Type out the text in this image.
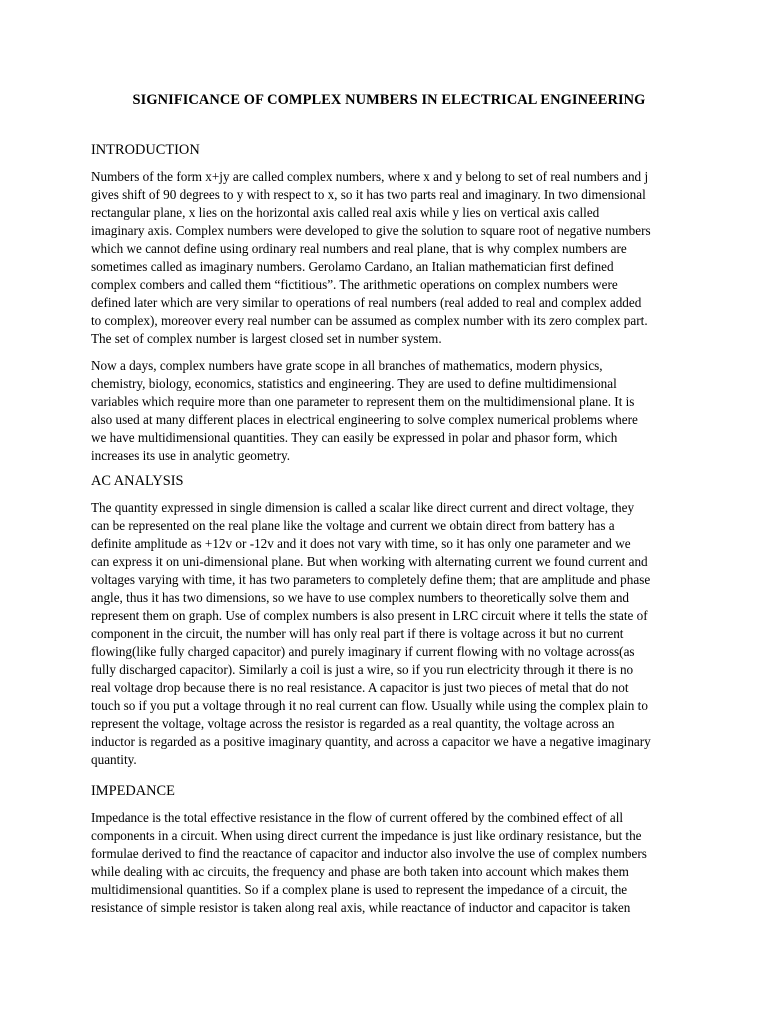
SIGNIFICANCE OF COMPLEX NUMBERS IN ELECTRICAL ENGINEERING
INTRODUCTION

Numbers of the form x+jy are called complex numbers, where x and y belong to set of real numbers and j
gives shift of 90 degrees to y with respect to x, so it has two parts real and imaginary. In two dimensional
rectangular plane, x lies on the horizontal axis called real axis while y lies on vertical axis called
imaginary axis. Complex numbers were developed to give the solution to square root of negative numbers
which we cannot define using ordinary real numbers and real plane, that is why complex numbers are
sometimes called as imaginary numbers. Gerolamo Cardano, an Italian mathematician first defined
complex combers and called them “fictitious”. The arithmetic operations on complex numbers were
defined later which are very similar to operations of real numbers (real added to real and complex added
to complex), moreover every real number can be assumed as complex number with its zero complex part.
The set of complex number is largest closed set in number system.

Now a days, complex numbers have grate scope in all branches of mathematics, modern physics,
chemistry, biology, economics, statistics and engineering. They are used to define multidimensional
variables which require more than one parameter to represent them on the multidimensional plane. It is
also used at many different places in electrical engineering to solve complex numerical problems where
we have multidimensional quantities. They can easily be expressed in polar and phasor form, which
increases its use in analytic geometry.

AC ANALYSIS

The quantity expressed in single dimension is called a scalar like direct current and direct voltage, they
can be represented on the real plane like the voltage and current we obtain direct from battery has a
definite amplitude as +12v or -12v and it does not vary with time, so it has only one parameter and we
can express it on uni-dimensional plane. But when working with alternating current we found current and
voltages varying with time, it has two parameters to completely define them; that are amplitude and phase
angle, thus it has two dimensions, so we have to use complex numbers to theoretically solve them and
represent them on graph. Use of complex numbers is also present in LRC circuit where it tells the state of
component in the circuit, the number will has only real part if there is voltage across it but no current
flowing(like fully charged capacitor) and purely imaginary if current flowing with no voltage across(as
fully discharged capacitor). Similarly a coil is just a wire, so if you run electricity through it there is no
real voltage drop because there is no real resistance. A capacitor is just two pieces of metal that do not
touch so if you put a voltage through it no real current can flow. Usually while using the complex plain to
represent the voltage, voltage across the resistor is regarded as a real quantity, the voltage across an
inductor is regarded as a positive imaginary quantity, and across a capacitor we have a negative imaginary
quantity.

IMPEDANCE

Impedance is the total effective resistance in the flow of current offered by the combined effect of all
components in a circuit. When using direct current the impedance is just like ordinary resistance, but the
formulae derived to find the reactance of capacitor and inductor also involve the use of complex numbers
while dealing with ac circuits, the frequency and phase are both taken into account which makes them
multidimensional quantities. So if a complex plane is used to represent the impedance of a circuit, the
resistance of simple resistor is taken along real axis, while reactance of inductor and capacitor is taken
